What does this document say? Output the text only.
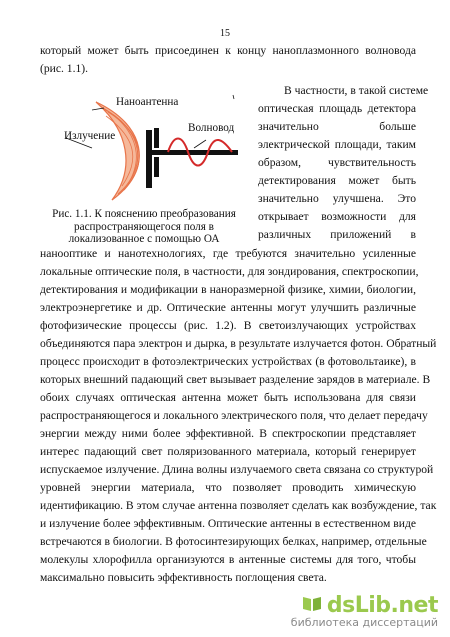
15
который может быть присоединен к концу наноплазмонного волновода
(рис. 1.1).
Наноантенна
Излучение
Волновод
Рис. 1.1. К пояснению преобразования
распространяющегося поля в
локализованное с помощью ОА
В частности, в такой системе
оптическая площадь детектора
значительно больше
электрической площади, таким
образом, чувствительность
детектирования может быть
значительно улучшена. Это
открывает возможности для
различных приложений в
нанооптике и нанотехнологиях, где требуются значительно усиленные
локальные оптические поля, в частности, для зондирования, спектроскопии,
детектирования и модификации в наноразмерной физике, химии, биологии,
электроэнергетике и др. Оптические антенны могут улучшить различные
фотофизические процессы (рис. 1.2). В светоизлучающих устройствах
объединяются пара электрон и дырка, в результате излучается фотон. Обратный
процесс происходит в фотоэлектрических устройствах (в фотовольтаике), в
которых внешний падающий свет вызывает разделение зарядов в материале. В
обоих случаях оптическая антенна может быть использована для связи
распространяющегося и локального электрического поля, что делает передачу
энергии между ними более эффективной. В спектроскопии представляет
интерес падающий свет поляризованного материала, который генерирует
испускаемое излучение. Длина волны излучаемого света связана со структурой
уровней энергии материала, что позволяет проводить химическую
идентификацию. В этом случае антенна позволяет сделать как возбуждение, так
и излучение более эффективным. Оптические антенны в естественном виде
встречаются в биологии. В фотосинтезирующих белках, например, отдельные
молекулы хлорофилла организуются в антенные системы для того, чтобы
максимально повысить эффективность поглощения света.
dsLib.net
библиотека диссертаций
